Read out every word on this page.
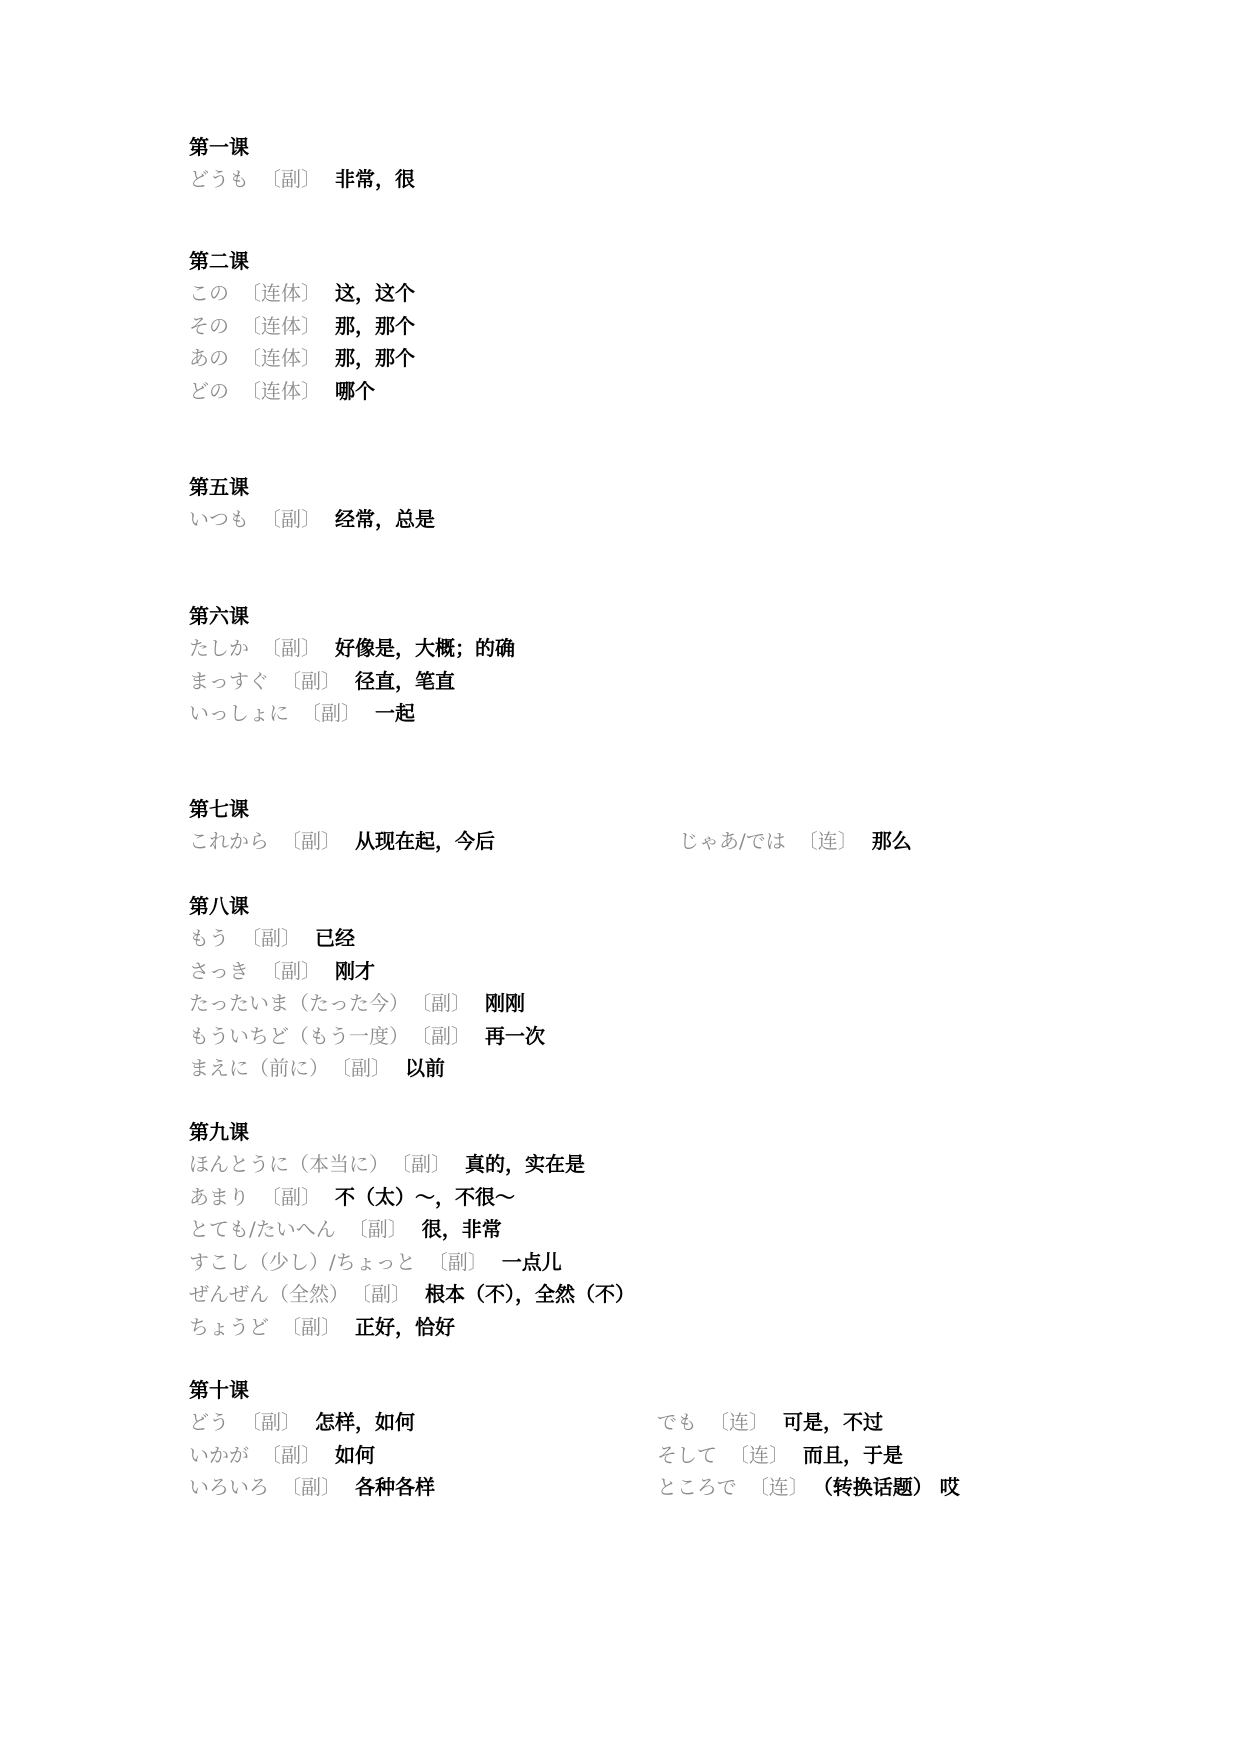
第一课
どうも 〔副〕 非常，很
第二课
この 〔连体〕 这，这个
その 〔连体〕 那，那个
あの 〔连体〕 那，那个
どの 〔连体〕 哪个
第五课
いつも 〔副〕 经常，总是
第六课
たしか 〔副〕 好像是，大概；的确
まっすぐ 〔副〕 径直，笔直
いっしょに 〔副〕 一起
第七课
これから 〔副〕 从现在起，今后	じゃあ/では 〔连〕 那么
第八课
もう 〔副〕 已经
さっき 〔副〕 刚才
たったいま（たった今） 〔副〕 刚刚
もういちど（もう一度） 〔副〕 再一次
まえに（前に） 〔副〕 以前
第九课
ほんとうに（本当に） 〔副〕 真的，实在是
あまり 〔副〕 不（太）～，不很～
とても/たいへん 〔副〕 很，非常
すこし（少し）/ちょっと 〔副〕 一点儿
ぜんぜん（全然） 〔副〕 根本（不），全然（不）
ちょうど 〔副〕 正好，恰好
第十课
どう 〔副〕 怎样，如何	でも 〔连〕 可是，不过
いかが 〔副〕 如何	そして 〔连〕 而且，于是
いろいろ 〔副〕 各种各样	ところで 〔连〕 （转换话题） 哎
